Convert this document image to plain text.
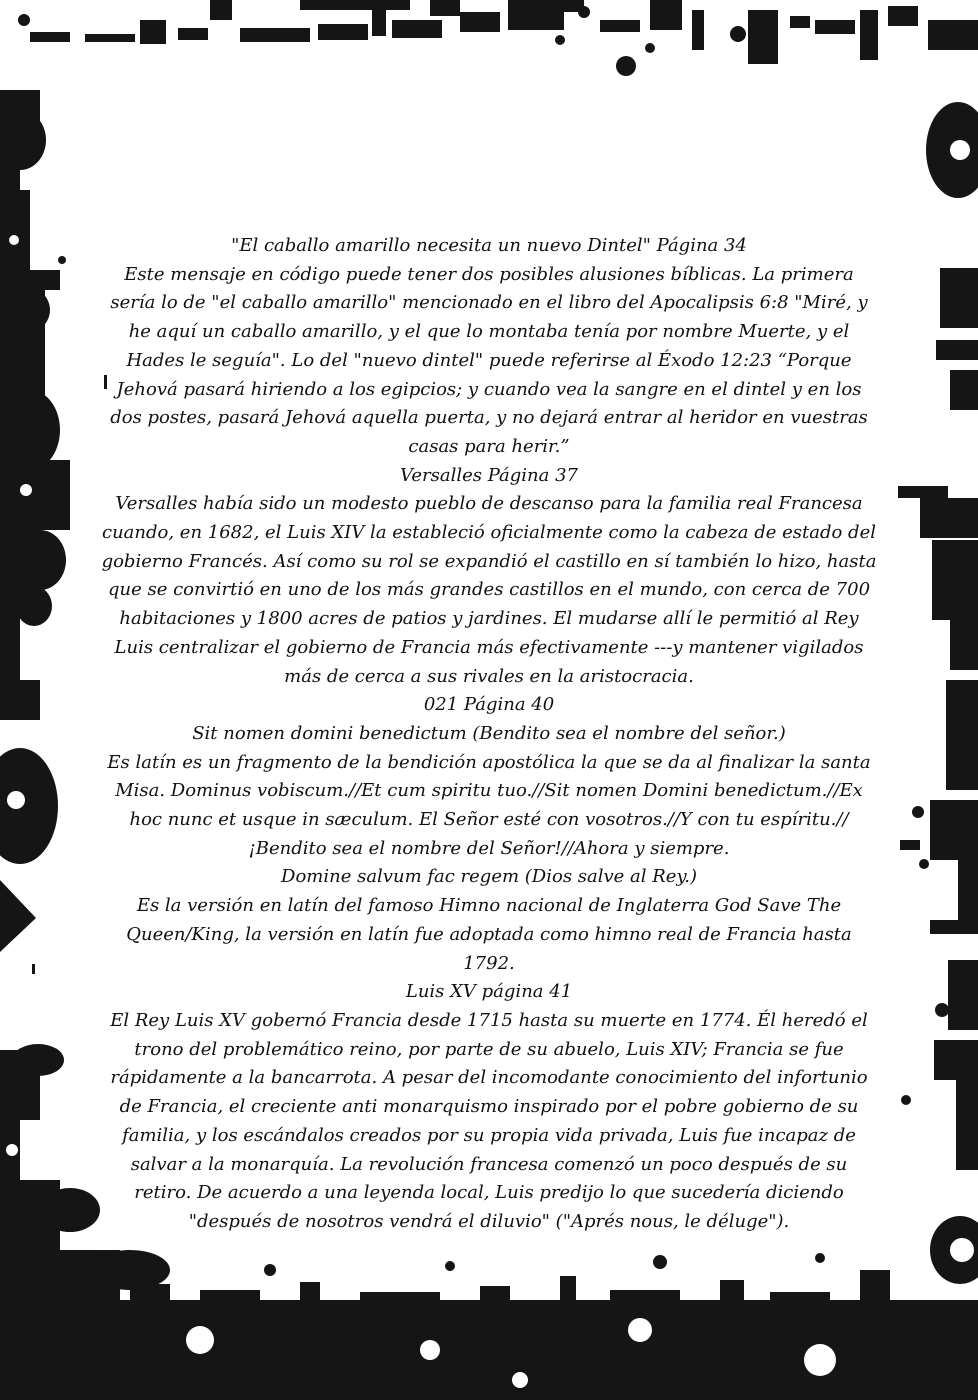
"El caballo amarillo necesita un nuevo Dintel" Página 34

Este mensaje en código puede tener dos posibles alusiones bíblicas. La primera sería lo de "el caballo amarillo" mencionado en el libro del Apocalipsis 6:8 "Miré, y he aquí un caballo amarillo, y el que lo montaba tenía por nombre Muerte, y el Hades le seguía". Lo del "nuevo dintel" puede referirse al Éxodo 12:23 “Porque Jehová pasará hiriendo a los egipcios; y cuando vea la sangre en el dintel y en los dos postes, pasará Jehová aquella puerta, y no dejará entrar al heridor en vuestras casas para herir.”

Versalles Página 37

Versalles había sido un modesto pueblo de descanso para la familia real Francesa cuando, en 1682, el Luis XIV la estableció oficialmente como la cabeza de estado del gobierno Francés. Así como su rol se expandió el castillo en sí también lo hizo, hasta que se convirtió en uno de los más grandes castillos en el mundo, con cerca de 700 habitaciones y 1800 acres de patios y jardines. El mudarse allí le permitió al Rey Luis centralizar el gobierno de Francia más efectivamente ---y mantener vigilados más de cerca a sus rivales en la aristocracia.

021 Página 40

Sit nomen domini benedictum (Bendito sea el nombre del señor.)

Es latín es un fragmento de la bendición apostólica la que se da al finalizar la santa Misa. Dominus vobiscum.//Et cum spiritu tuo.//Sit nomen Domini benedictum.//Ex hoc nunc et usque in sæculum. El Señor esté con vosotros.//Y con tu espíritu.//¡Bendito sea el nombre del Señor!//Ahora y siempre.

Domine salvum fac regem (Dios salve al Rey.)

Es la versión en latín del famoso Himno nacional de Inglaterra God Save The Queen/King, la versión en latín fue adoptada como himno real de Francia hasta 1792.

Luis XV página 41

El Rey Luis XV gobernó Francia desde 1715 hasta su muerte en 1774. Él heredó el trono del problemático reino, por parte de su abuelo, Luis XIV; Francia se fue rápidamente a la bancarrota. A pesar del incomodante conocimiento del infortunio de Francia, el creciente anti monarquismo inspirado por el pobre gobierno de su familia, y los escándalos creados por su propia vida privada, Luis fue incapaz de salvar a la monarquía. La revolución francesa comenzó un poco después de su retiro. De acuerdo a una leyenda local, Luis predijo lo que sucedería diciendo "después de nosotros vendrá el diluvio" ("Aprés nous, le déluge").
